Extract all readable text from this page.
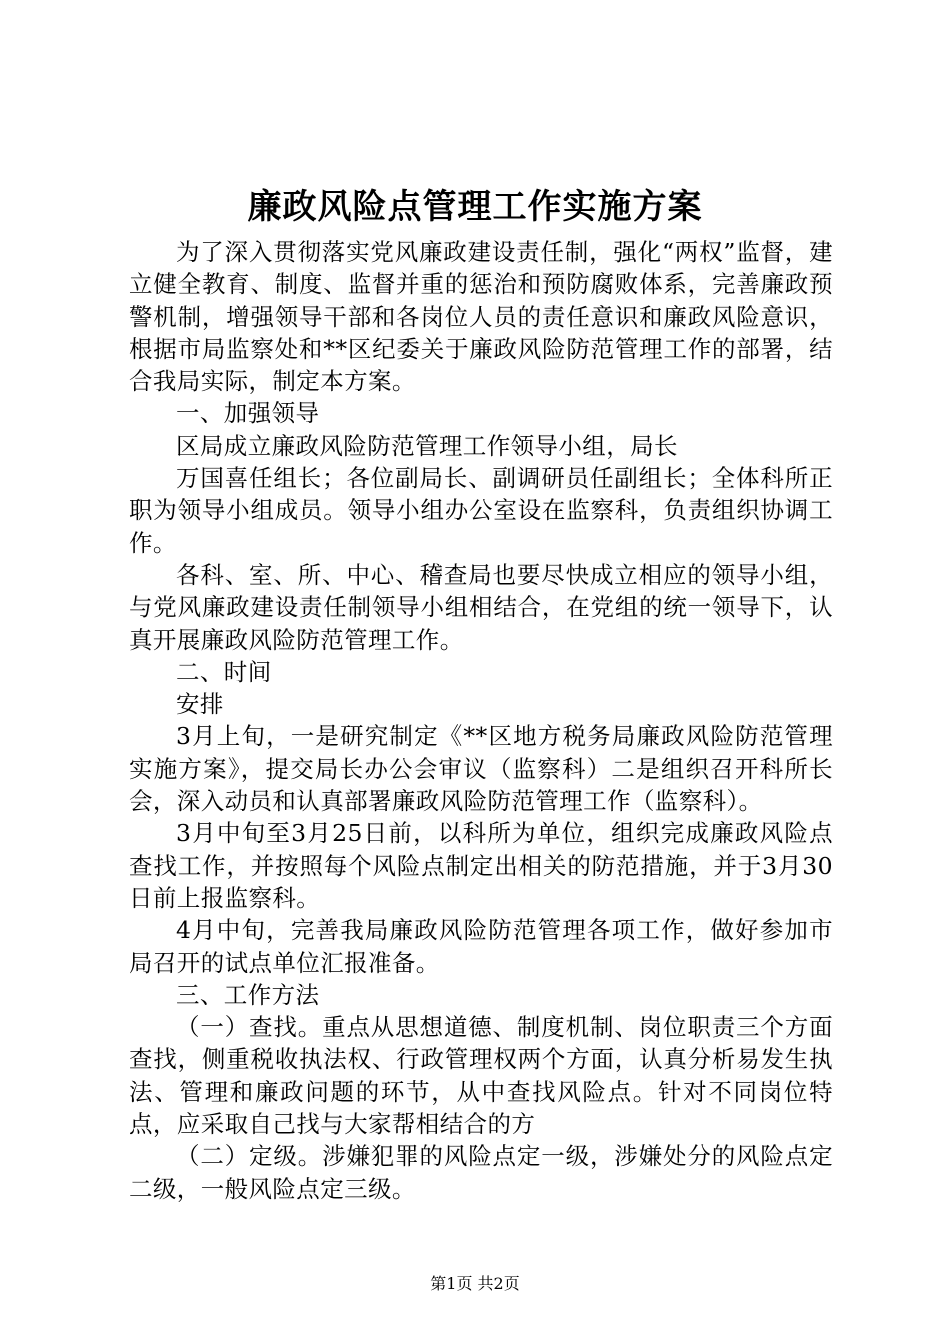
廉政风险点管理工作实施方案

为了深入贯彻落实党风廉政建设责任制，强化“两权”监督，建立健全教育、制度、监督并重的惩治和预防腐败体系，完善廉政预警机制，增强领导干部和各岗位人员的责任意识和廉政风险意识，根据市局监察处和**区纪委关于廉政风险防范管理工作的部署，结合我局实际，制定本方案。

一、加强领导

区局成立廉政风险防范管理工作领导小组，局长

万国喜任组长；各位副局长、副调研员任副组长；全体科所正职为领导小组成员。领导小组办公室设在监察科，负责组织协调工作。

各科、室、所、中心、稽查局也要尽快成立相应的领导小组，与党风廉政建设责任制领导小组相结合，在党组的统一领导下，认真开展廉政风险防范管理工作。

二、时间

安排

3月上旬，一是研究制定《**区地方税务局廉政风险防范管理实施方案》，提交局长办公会审议（监察科）二是组织召开科所长会，深入动员和认真部署廉政风险防范管理工作（监察科）。

3月中旬至3月25日前，以科所为单位，组织完成廉政风险点查找工作，并按照每个风险点制定出相关的防范措施，并于3月30日前上报监察科。

4月中旬，完善我局廉政风险防范管理各项工作，做好参加市局召开的试点单位汇报准备。

三、工作方法

（一）查找。重点从思想道德、制度机制、岗位职责三个方面查找，侧重税收执法权、行政管理权两个方面，认真分析易发生执法、管理和廉政问题的环节，从中查找风险点。针对不同岗位特点，应采取自己找与大家帮相结合的方

（二）定级。涉嫌犯罪的风险点定一级，涉嫌处分的风险点定二级，一般风险点定三级。

第1页 共2页
